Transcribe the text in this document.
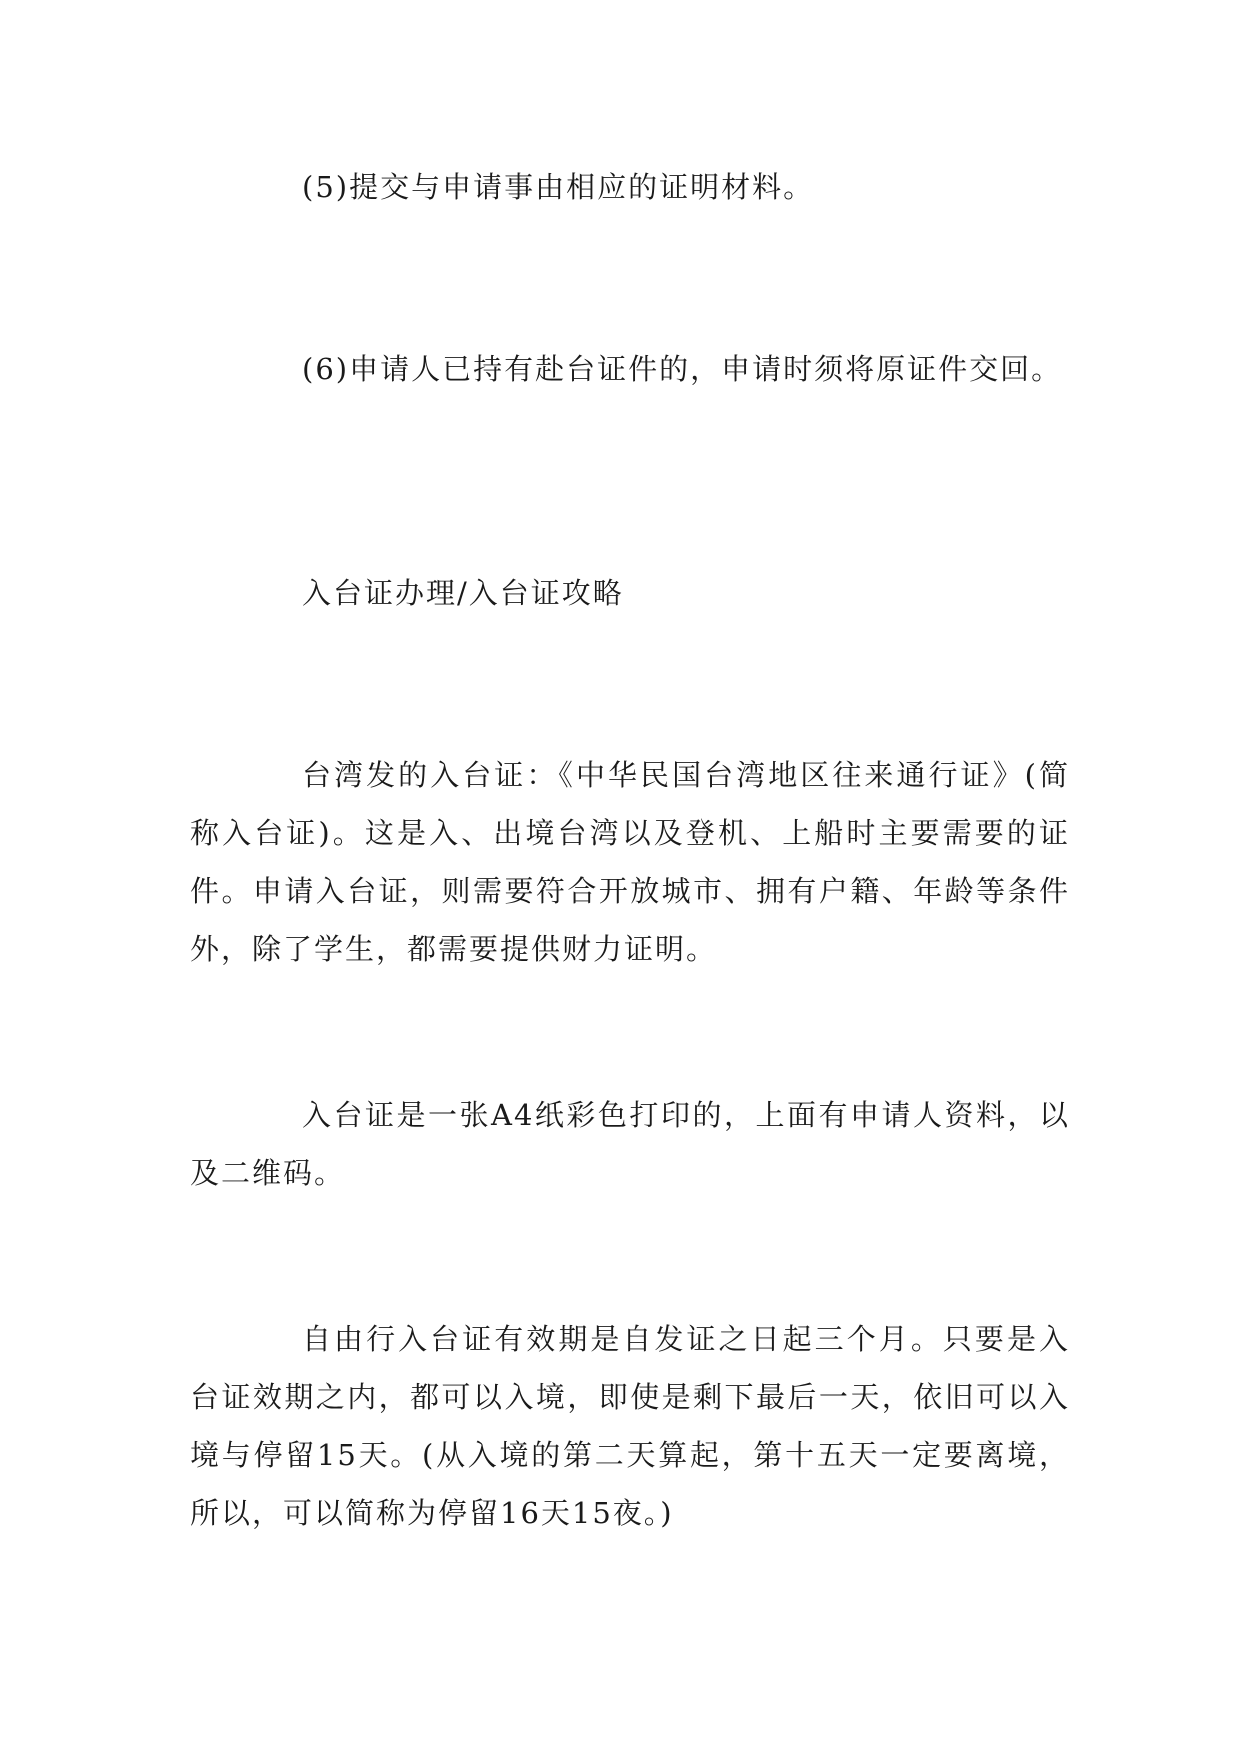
(5)提交与申请事由相应的证明材料。

(6)申请人已持有赴台证件的，申请时须将原证件交回。

入台证办理/入台证攻略

台湾发的入台证：《中华民国台湾地区往来通行证》(简称入台证)。这是入、出境台湾以及登机、上船时主要需要的证件。申请入台证，则需要符合开放城市、拥有户籍、年龄等条件外，除了学生，都需要提供财力证明。

入台证是一张A4纸彩色打印的，上面有申请人资料，以及二维码。

自由行入台证有效期是自发证之日起三个月。只要是入台证效期之内，都可以入境，即使是剩下最后一天，依旧可以入境与停留15天。(从入境的第二天算起，第十五天一定要离境，所以，可以简称为停留16天15夜。)
